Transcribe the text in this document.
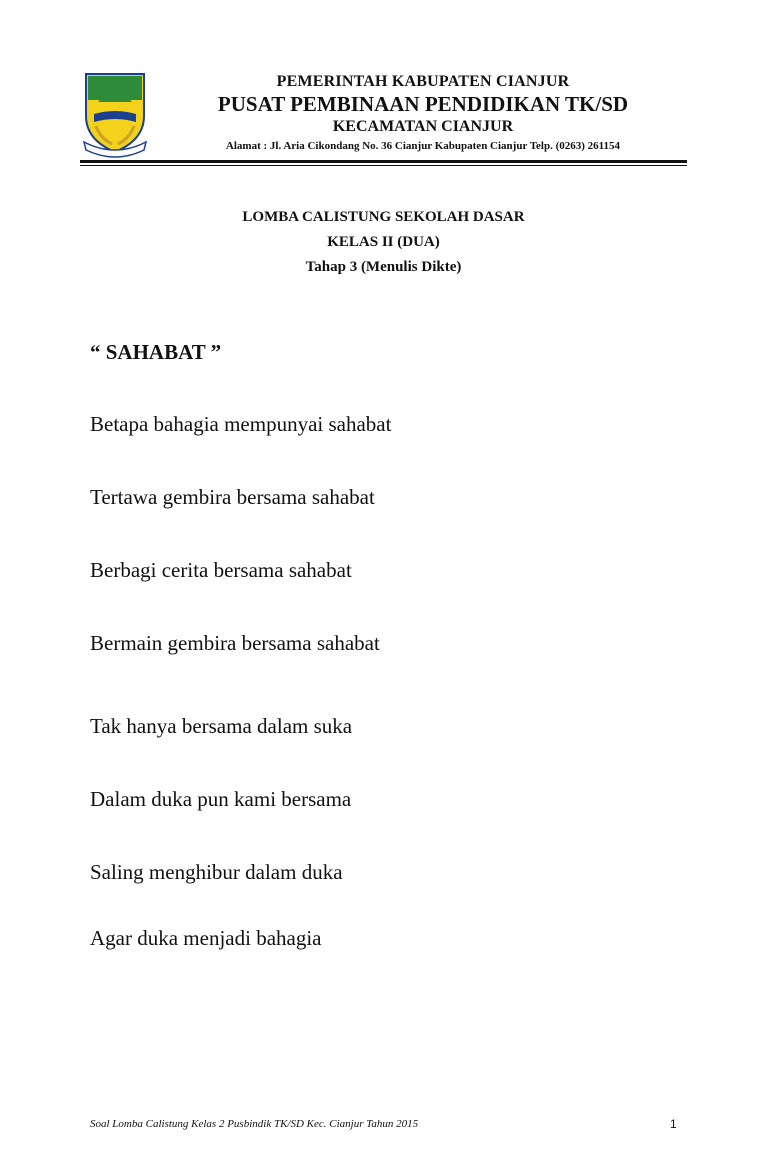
PEMERINTAH KABUPATEN CIANJUR
PUSAT PEMBINAAN PENDIDIKAN TK/SD
KECAMATAN CIANJUR
Alamat : Jl. Aria Cikondang No. 36 Cianjur Kabupaten Cianjur Telp. (0263) 261154
LOMBA CALISTUNG SEKOLAH DASAR
KELAS II (DUA)
Tahap 3 (Menulis Dikte)
“ SAHABAT ”
Betapa bahagia mempunyai sahabat
Tertawa gembira bersama sahabat
Berbagi cerita bersama sahabat
Bermain gembira bersama sahabat
Tak hanya bersama dalam suka
Dalam duka pun kami bersama
Saling menghibur dalam duka
Agar duka menjadi bahagia
Soal Lomba Calistung Kelas 2 Pusbindik TK/SD Kec. Cianjur Tahun 2015	1
